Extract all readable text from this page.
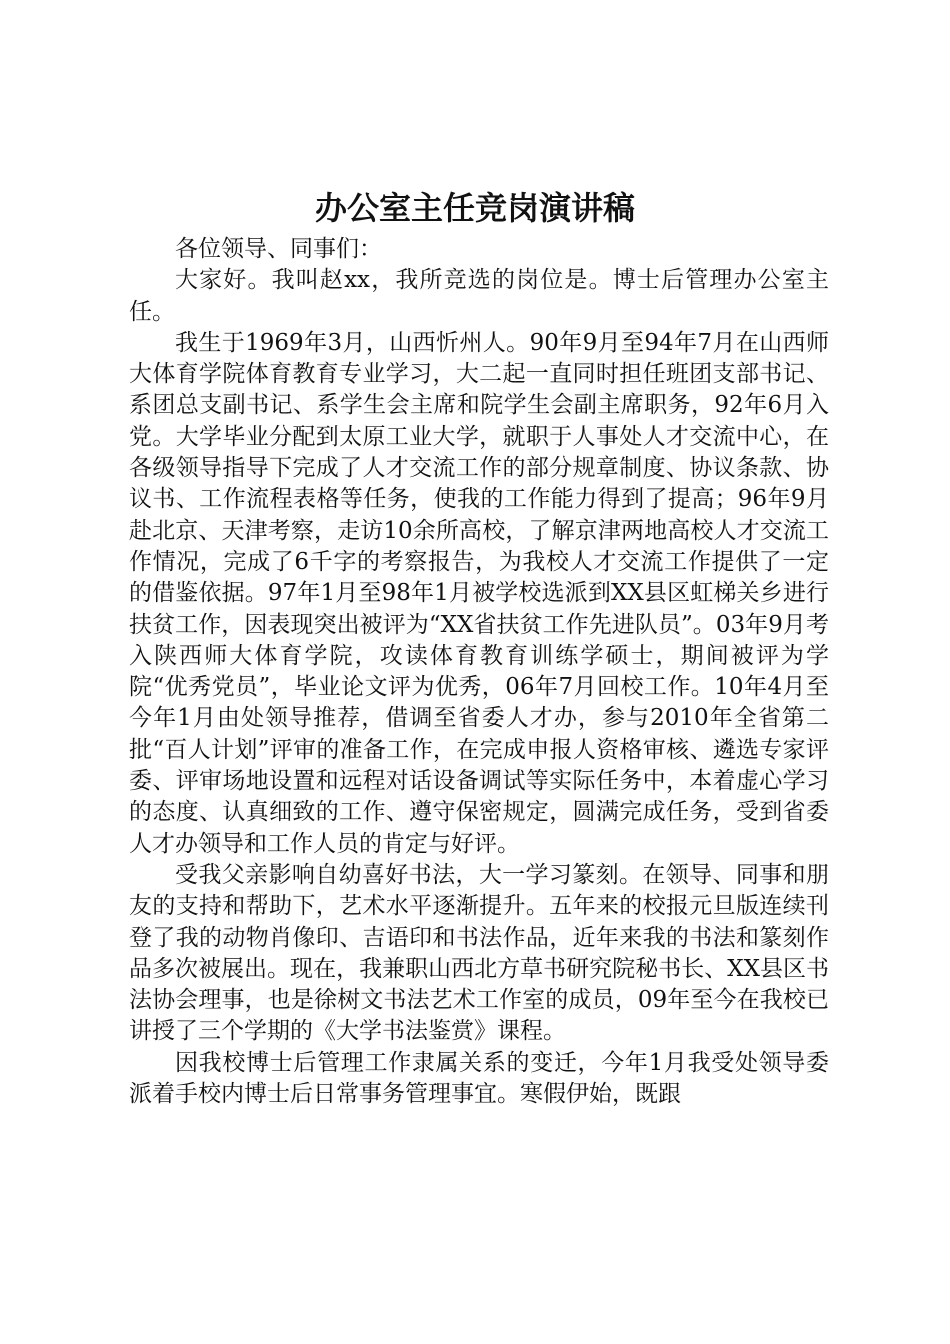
办公室主任竞岗演讲稿

各位领导、同事们：

大家好。我叫赵xx，我所竞选的岗位是。博士后管理办公室主任。

我生于1969年3月，山西忻州人。90年9月至94年7月在山西师大体育学院体育教育专业学习，大二起一直同时担任班团支部书记、系团总支副书记、系学生会主席和院学生会副主席职务，92年6月入党。大学毕业分配到太原工业大学，就职于人事处人才交流中心，在各级领导指导下完成了人才交流工作的部分规章制度、协议条款、协议书、工作流程表格等任务，使我的工作能力得到了提高；96年9月赴北京、天津考察，走访10余所高校，了解京津两地高校人才交流工作情况，完成了6千字的考察报告，为我校人才交流工作提供了一定的借鉴依据。97年1月至98年1月被学校选派到XX县区虹梯关乡进行扶贫工作，因表现突出被评为“XX省扶贫工作先进队员”。03年9月考入陕西师大体育学院，攻读体育教育训练学硕士，期间被评为学院“优秀党员”，毕业论文评为优秀，06年7月回校工作。10年4月至今年1月由处领导推荐，借调至省委人才办，参与2010年全省第二批“百人计划”评审的准备工作，在完成申报人资格审核、遴选专家评委、评审场地设置和远程对话设备调试等实际任务中，本着虚心学习的态度、认真细致的工作、遵守保密规定，圆满完成任务，受到省委人才办领导和工作人员的肯定与好评。

受我父亲影响自幼喜好书法，大一学习篆刻。在领导、同事和朋友的支持和帮助下，艺术水平逐渐提升。五年来的校报元旦版连续刊登了我的动物肖像印、吉语印和书法作品，近年来我的书法和篆刻作品多次被展出。现在，我兼职山西北方草书研究院秘书长、XX县区书法协会理事，也是徐树文书法艺术工作室的成员，09年至今在我校已讲授了三个学期的《大学书法鉴赏》课程。

因我校博士后管理工作隶属关系的变迁，今年1月我受处领导委派着手校内博士后日常事务管理事宜。寒假伊始，既跟
